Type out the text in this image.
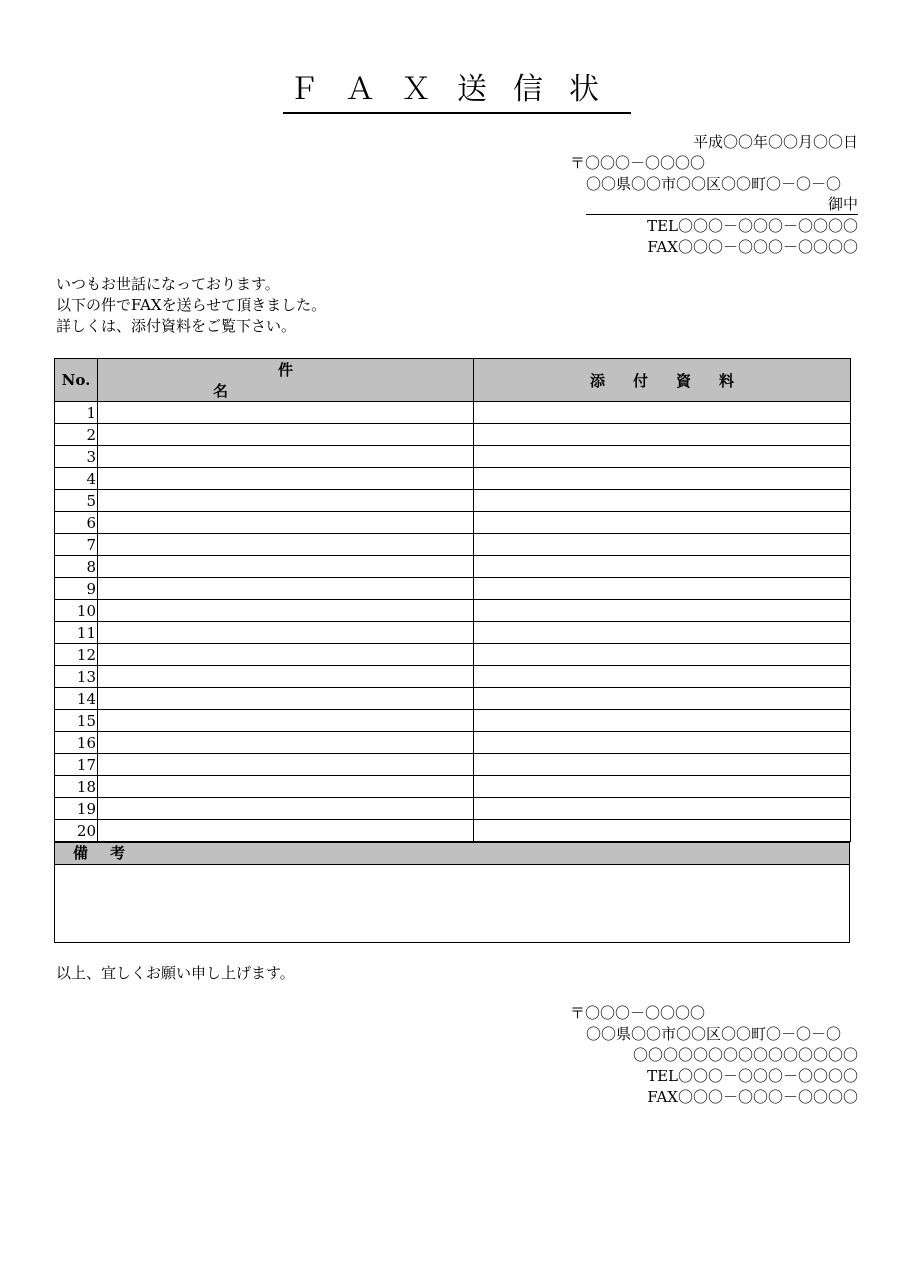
ＦＡＸ送信状
平成〇〇年〇〇月〇〇日
〒〇〇〇－〇〇〇〇
〇〇県〇〇市〇〇区〇〇町〇－〇－〇
御中
TEL〇〇〇－〇〇〇－〇〇〇〇
FAX〇〇〇－〇〇〇－〇〇〇〇
いつもお世話になっております。
以下の件でFAXを送らせて頂きました。
詳しくは、添付資料をご覧下さい。
No.	件名	添付資料
1		
2		
3		
4		
5		
6		
7		
8		
9		
10		
11		
12		
13		
14		
15		
16		
17		
18		
19		
20		
備考
以上、宜しくお願い申し上げます。
〒〇〇〇－〇〇〇〇
〇〇県〇〇市〇〇区〇〇町〇－〇－〇
〇〇〇〇〇〇〇〇〇〇〇〇〇〇〇
TEL〇〇〇－〇〇〇－〇〇〇〇
FAX〇〇〇－〇〇〇－〇〇〇〇
